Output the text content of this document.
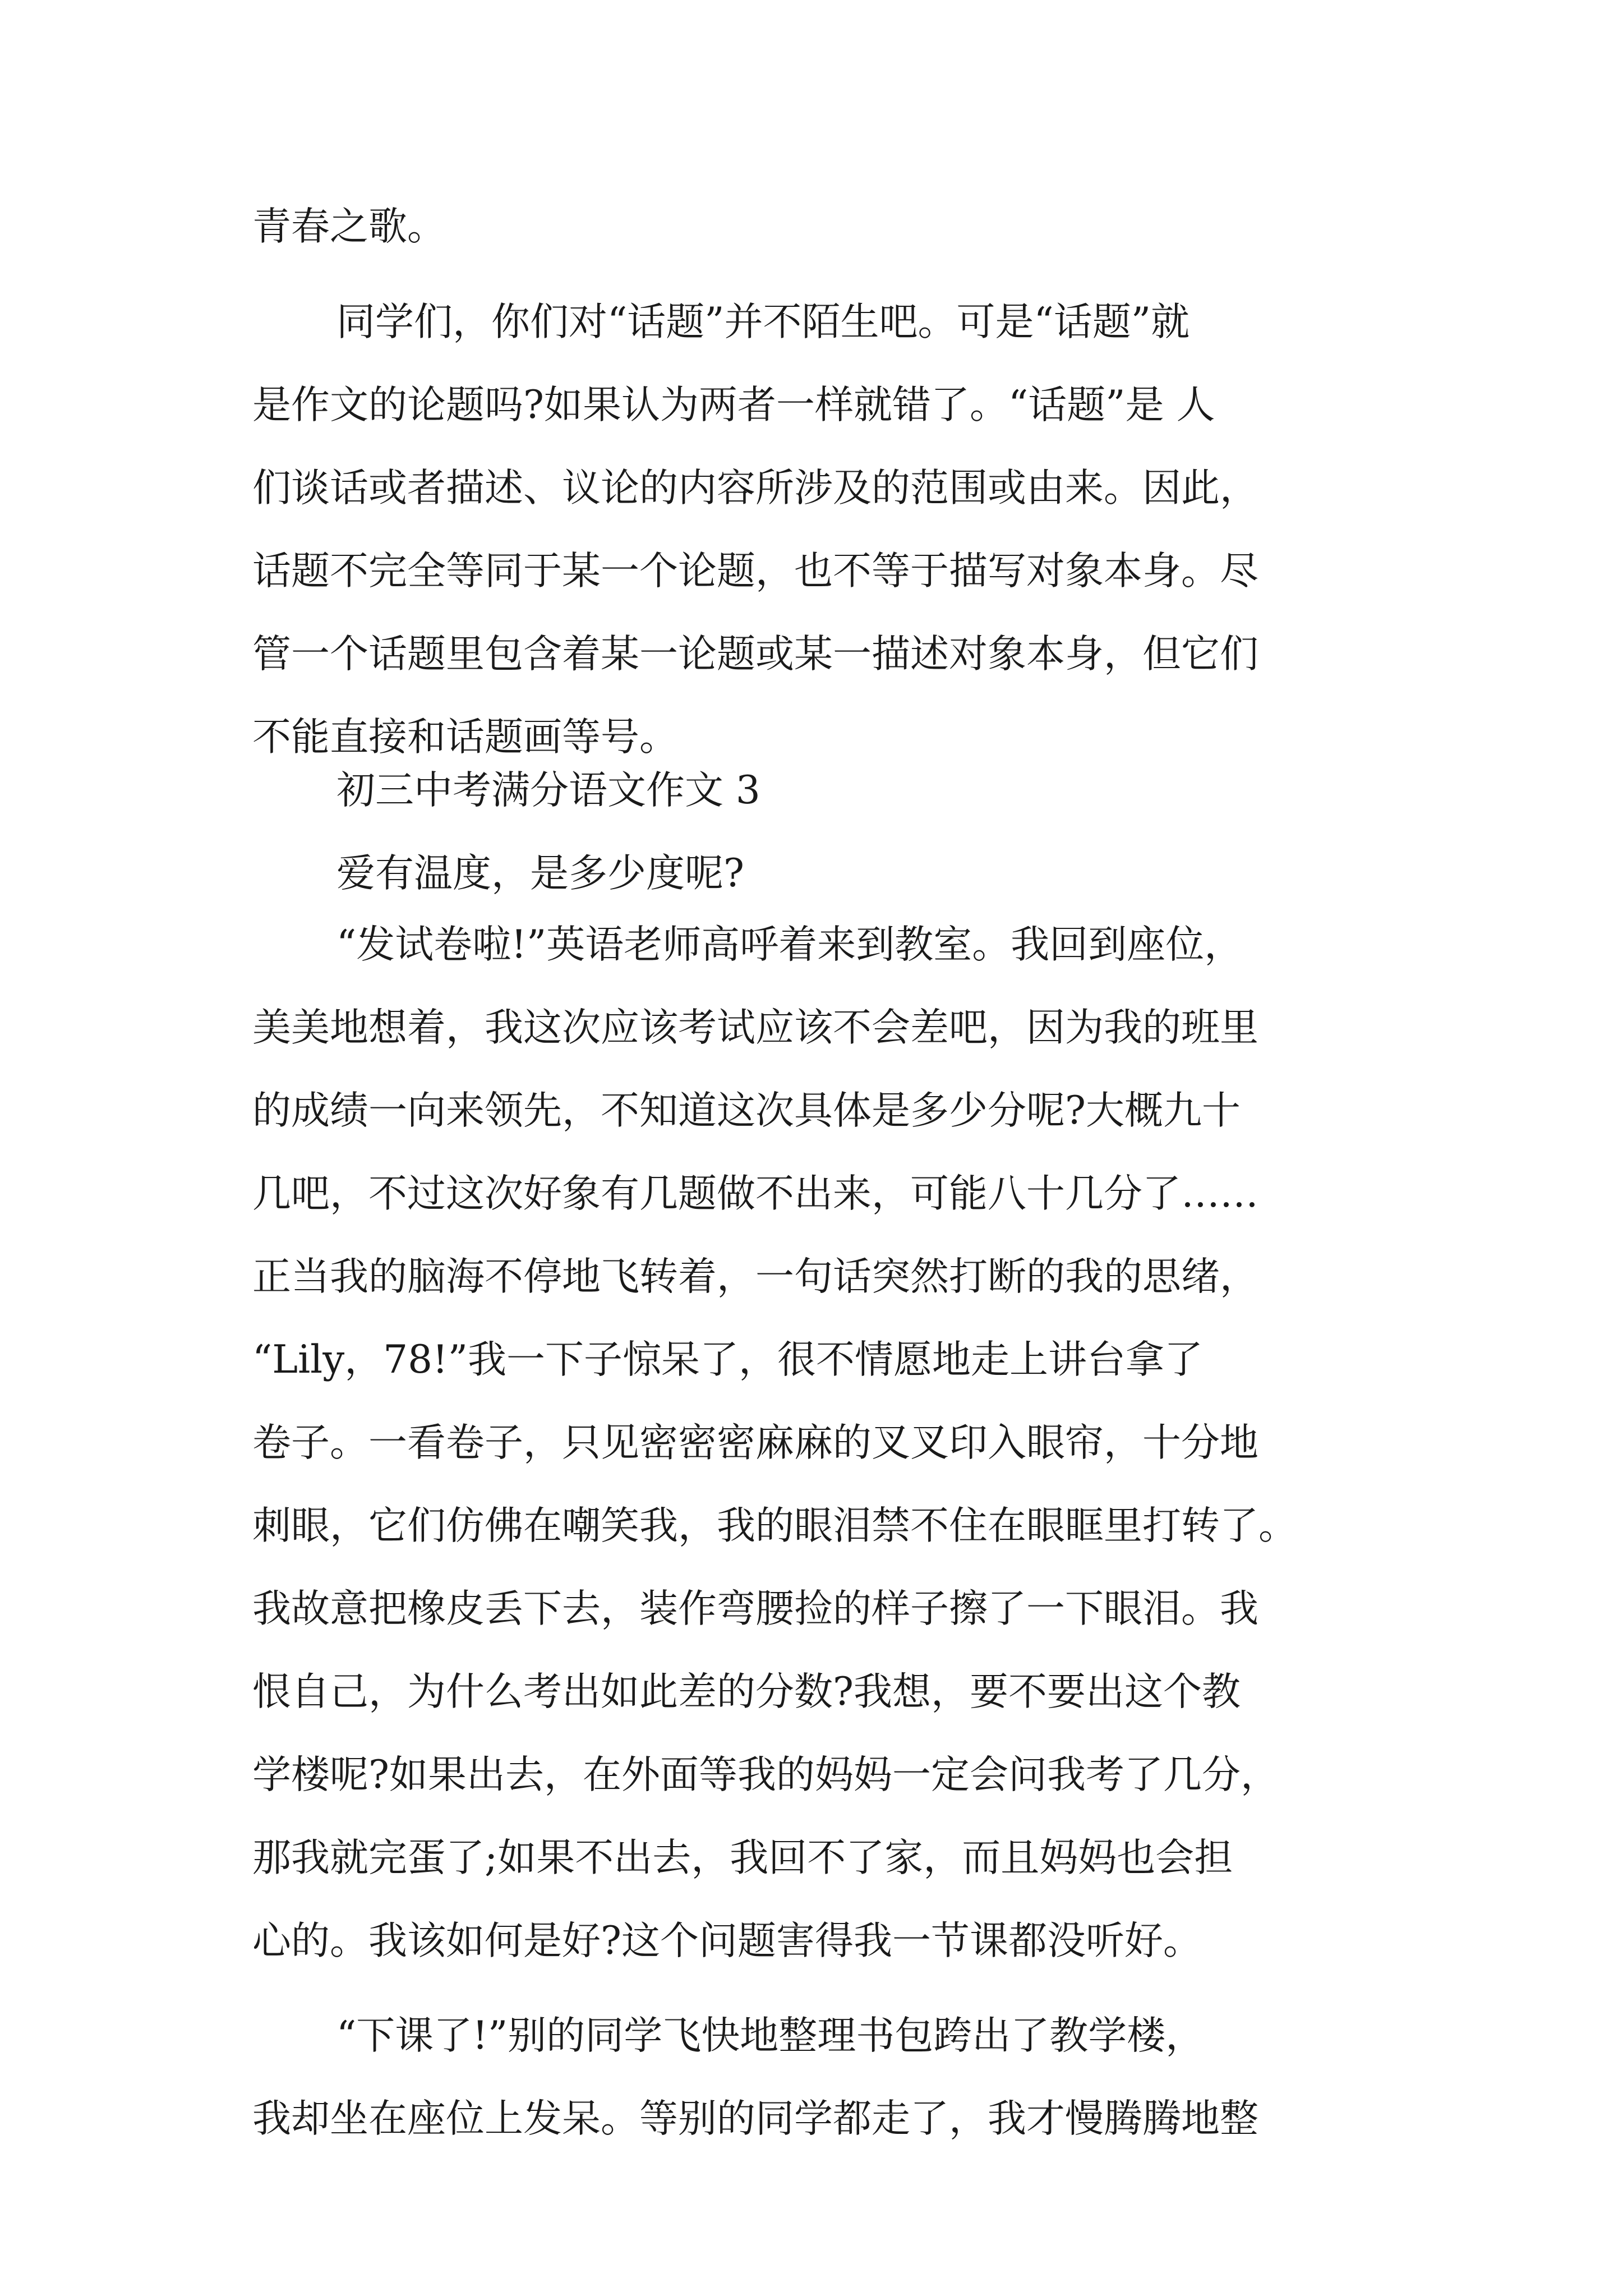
青春之歌。
同学们，你们对“话题”并不陌生吧。可是“话题”就
是作文的论题吗?如果认为两者一样就错了。“话题”是 人
们谈话或者描述、议论的内容所涉及的范围或由来。因此，
话题不完全等同于某一个论题，也不等于描写对象本身。尽
管一个话题里包含着某一论题或某一描述对象本身，但它们
不能直接和话题画等号。
初三中考满分语文作文 3
爱有温度，是多少度呢?
“发试卷啦!”英语老师高呼着来到教室。我回到座位，
美美地想着，我这次应该考试应该不会差吧，因为我的班里
的成绩一向来领先，不知道这次具体是多少分呢?大概九十
几吧，不过这次好象有几题做不出来，可能八十几分了……
正当我的脑海不停地飞转着，一句话突然打断的我的思绪，
“Lily，78!”我一下子惊呆了，很不情愿地走上讲台拿了
卷子。一看卷子，只见密密密麻麻的叉叉印入眼帘，十分地
刺眼，它们仿佛在嘲笑我，我的眼泪禁不住在眼眶里打转了。
我故意把橡皮丢下去，装作弯腰捡的样子擦了一下眼泪。我
恨自己，为什么考出如此差的分数?我想，要不要出这个教
学楼呢?如果出去，在外面等我的妈妈一定会问我考了几分，
那我就完蛋了;如果不出去，我回不了家，而且妈妈也会担
心的。我该如何是好?这个问题害得我一节课都没听好。
“下课了!”别的同学飞快地整理书包跨出了教学楼，
我却坐在座位上发呆。等别的同学都走了，我才慢腾腾地整
